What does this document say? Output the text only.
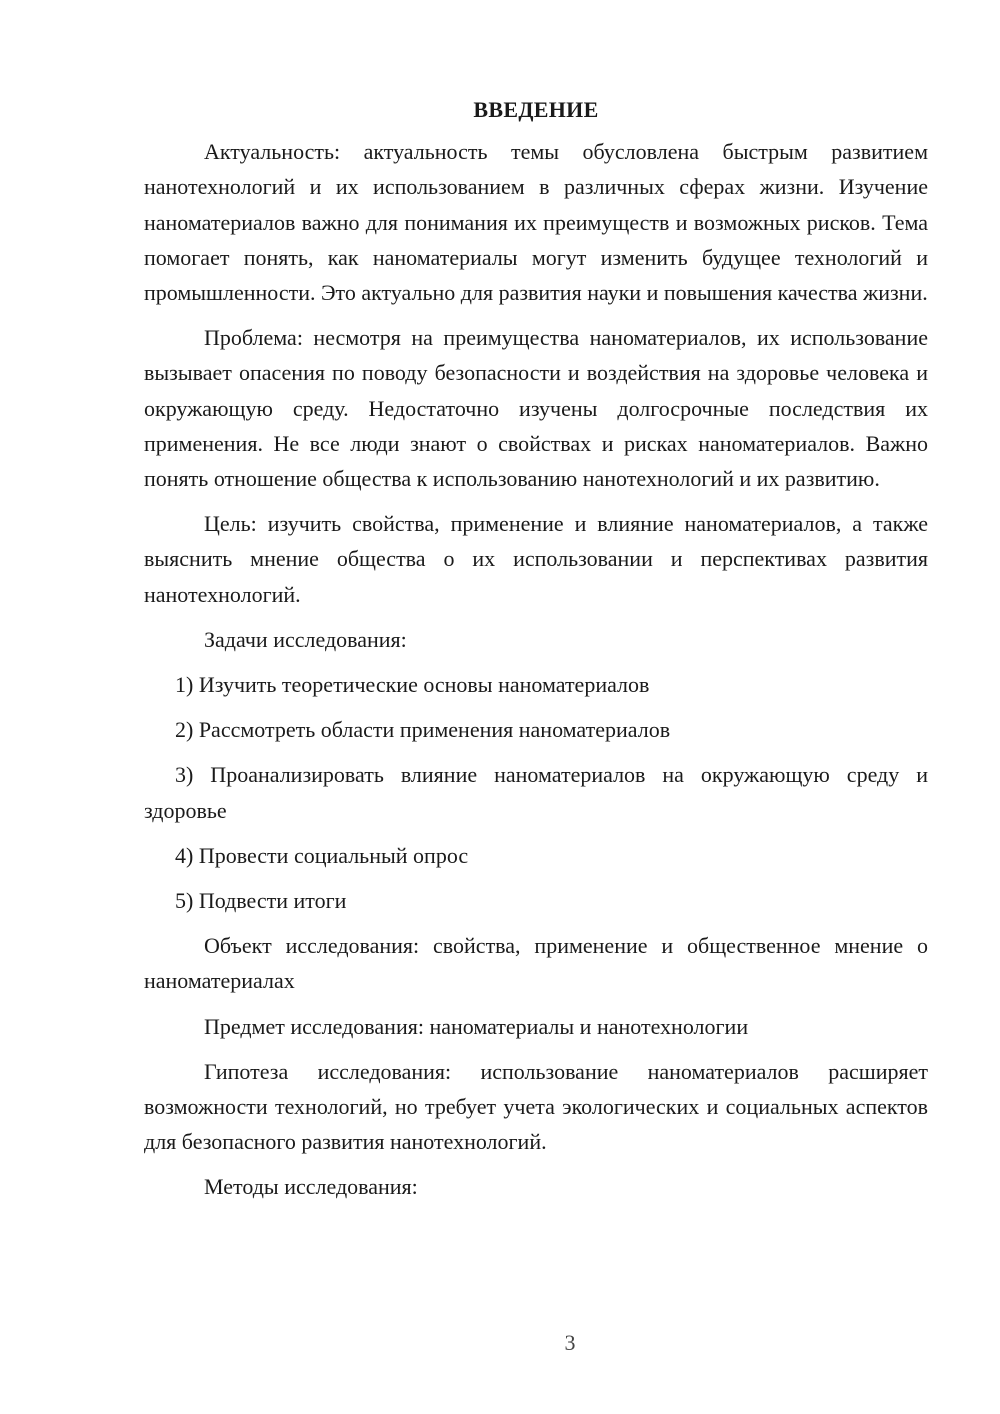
ВВЕДЕНИЕ

Актуальность: актуальность темы обусловлена быстрым развитием нанотехнологий и их использованием в различных сферах жизни. Изучение наноматериалов важно для понимания их преимуществ и возможных рисков. Тема помогает понять, как наноматериалы могут изменить будущее технологий и промышленности. Это актуально для развития науки и повышения качества жизни.

Проблема: несмотря на преимущества наноматериалов, их использование вызывает опасения по поводу безопасности и воздействия на здоровье человека и окружающую среду. Недостаточно изучены долгосрочные последствия их применения. Не все люди знают о свойствах и рисках наноматериалов. Важно понять отношение общества к использованию нанотехнологий и их развитию.

Цель: изучить свойства, применение и влияние наноматериалов, а также выяснить мнение общества о их использовании и перспективах развития нанотехнологий.

Задачи исследования:

1) Изучить теоретические основы наноматериалов

2) Рассмотреть области применения наноматериалов

3) Проанализировать влияние наноматериалов на окружающую среду и здоровье

4) Провести социальный опрос

5) Подвести итоги

Объект исследования: свойства, применение и общественное мнение о наноматериалах

Предмет исследования: наноматериалы и нанотехнологии

Гипотеза исследования: использование наноматериалов расширяет возможности технологий, но требует учета экологических и социальных аспектов для безопасного развития нанотехнологий.

Методы исследования:

3
